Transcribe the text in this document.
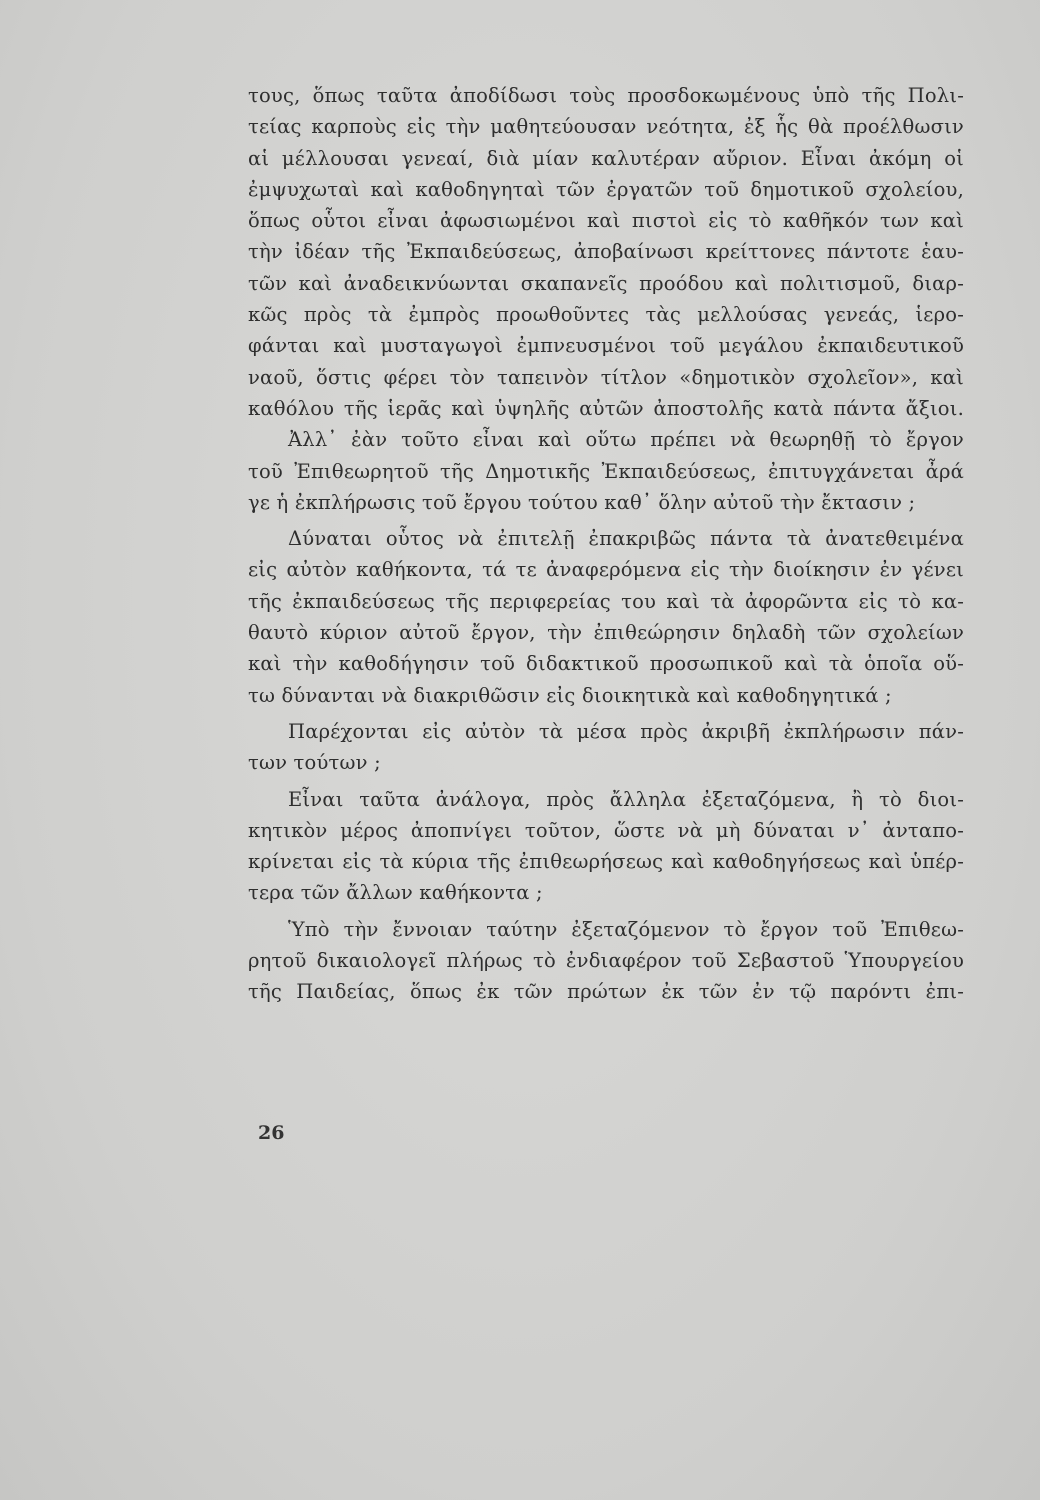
τους, ὅπως ταῦτα ἀποδίδωσι τοὺς προσδοκωμένους ὑπὸ τῆς Πολι-
τείας καρποὺς εἰς τὴν μαθητεύουσαν νεότητα, ἐξ ἧς θὰ προέλθωσιν
αἱ μέλλουσαι γενεαί, διὰ μίαν καλυτέραν αὔριον. Εἶναι ἀκόμη οἱ
ἐμψυχωταὶ καὶ καθοδηγηταὶ τῶν ἐργατῶν τοῦ δημοτικοῦ σχολείου,
ὅπως οὗτοι εἶναι ἀφωσιωμένοι καὶ πιστοὶ εἰς τὸ καθῆκόν των καὶ
τὴν ἰδέαν τῆς Ἐκπαιδεύσεως, ἀποβαίνωσι κρείττονες πάντοτε ἑαυ-
τῶν καὶ ἀναδεικνύωνται σκαπανεῖς προόδου καὶ πολιτισμοῦ, διαρ-
κῶς πρὸς τὰ ἐμπρὸς προωθοῦντες τὰς μελλούσας γενεάς, ἱερο-
φάνται καὶ μυσταγωγοὶ ἐμπνευσμένοι τοῦ μεγάλου ἐκπαιδευτικοῦ
ναοῦ, ὅστις φέρει τὸν ταπεινὸν τίτλον «δημοτικὸν σχολεῖον», καὶ
καθόλου τῆς ἱερᾶς καὶ ὑψηλῆς αὐτῶν ἀποστολῆς κατὰ πάντα ἄξιοι.
Ἀλλ᾽ ἐὰν τοῦτο εἶναι καὶ οὕτω πρέπει νὰ θεωρηθῇ τὸ ἔργον
τοῦ Ἐπιθεωρητοῦ τῆς Δημοτικῆς Ἐκπαιδεύσεως, ἐπιτυγχάνεται ἆρά
γε ἡ ἐκπλήρωσις τοῦ ἔργου τούτου καθ᾽ ὅλην αὐτοῦ τὴν ἔκτασιν ;
Δύναται οὗτος νὰ ἐπιτελῇ ἐπακριβῶς πάντα τὰ ἀνατεθειμένα
εἰς αὐτὸν καθήκοντα, τά τε ἀναφερόμενα εἰς τὴν διοίκησιν ἐν γένει
τῆς ἐκπαιδεύσεως τῆς περιφερείας του καὶ τὰ ἀφορῶντα εἰς τὸ κα-
θαυτὸ κύριον αὐτοῦ ἔργον, τὴν ἐπιθεώρησιν δηλαδὴ τῶν σχολείων
καὶ τὴν καθοδήγησιν τοῦ διδακτικοῦ προσωπικοῦ καὶ τὰ ὁποῖα οὕ-
τω δύνανται νὰ διακριθῶσιν εἰς διοικητικὰ καὶ καθοδηγητικά ;
Παρέχονται εἰς αὐτὸν τὰ μέσα πρὸς ἀκριβῆ ἐκπλήρωσιν πάν-
των τούτων ;
Εἶναι ταῦτα ἀνάλογα, πρὸς ἄλληλα ἐξεταζόμενα, ἢ τὸ διοι-
κητικὸν μέρος ἀποπνίγει τοῦτον, ὥστε νὰ μὴ δύναται ν᾽ ἀνταπο-
κρίνεται εἰς τὰ κύρια τῆς ἐπιθεωρήσεως καὶ καθοδηγήσεως καὶ ὑπέρ-
τερα τῶν ἄλλων καθήκοντα ;
Ὑπὸ τὴν ἔννοιαν ταύτην ἐξεταζόμενον τὸ ἔργον τοῦ Ἐπιθεω-
ρητοῦ δικαιολογεῖ πλήρως τὸ ἐνδιαφέρον τοῦ Σεβαστοῦ Ὑπουργείου
τῆς Παιδείας, ὅπως ἐκ τῶν πρώτων ἐκ τῶν ἐν τῷ παρόντι ἐπι-
26
